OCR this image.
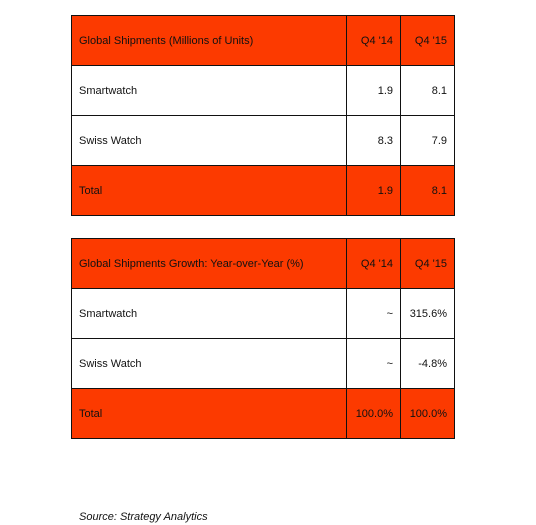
Global Shipments (Millions of Units)	Q4 '14	Q4 '15
Smartwatch	1.9	8.1
Swiss Watch	8.3	7.9
Total	1.9	8.1
Global Shipments Growth: Year-over-Year (%)	Q4 '14	Q4 '15
Smartwatch	~	315.6%
Swiss Watch	~	-4.8%
Total	100.0%	100.0%
Source: Strategy Analytics
